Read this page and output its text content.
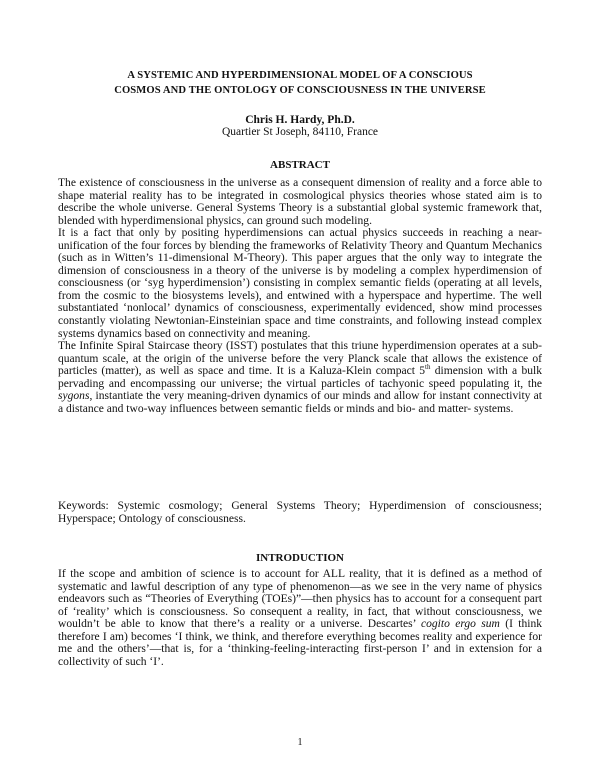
A SYSTEMIC AND HYPERDIMENSIONAL MODEL OF A CONSCIOUS
COSMOS AND THE ONTOLOGY OF CONSCIOUSNESS IN THE UNIVERSE
Chris H. Hardy, Ph.D.
Quartier St Joseph, 84110, France
ABSTRACT

The existence of consciousness in the universe as a consequent dimension of reality and a force able to shape material reality has to be integrated in cosmological physics theories whose stated aim is to describe the whole universe. General Systems Theory is a substantial global systemic framework that, blended with hyperdimensional physics, can ground such modeling.

It is a fact that only by positing hyperdimensions can actual physics succeeds in reaching a near-unification of the four forces by blending the frameworks of Relativity Theory and Quantum Mechanics (such as in Witten’s 11-dimensional M-Theory). This paper argues that the only way to integrate the dimension of consciousness in a theory of the universe is by modeling a complex hyperdimension of consciousness (or ‘syg hyperdimension’) consisting in complex semantic fields (operating at all levels, from the cosmic to the biosystems levels), and entwined with a hyperspace and hypertime. The well substantiated ‘nonlocal’ dynamics of consciousness, experimentally evidenced, show mind processes constantly violating Newtonian-Einsteinian space and time constraints, and following instead complex systems dynamics based on connectivity and meaning.

The Infinite Spiral Staircase theory (ISST) postulates that this triune hyperdimension operates at a sub-quantum scale, at the origin of the universe before the very Planck scale that allows the existence of particles (matter), as well as space and time. It is a Kaluza-Klein compact 5th dimension with a bulk pervading and encompassing our universe; the virtual particles of tachyonic speed populating it, the sygons, instantiate the very meaning-driven dynamics of our minds and allow for instant connectivity at a distance and two-way influences between semantic fields or minds and bio- and matter- systems.

Keywords: Systemic cosmology; General Systems Theory; Hyperdimension of consciousness; Hyperspace; Ontology of consciousness.
INTRODUCTION

If the scope and ambition of science is to account for ALL reality, that it is defined as a method of systematic and lawful description of any type of phenomenon—as we see in the very name of physics endeavors such as “Theories of Everything (TOEs)”—then physics has to account for a consequent part of ‘reality’ which is consciousness. So consequent a reality, in fact, that without consciousness, we wouldn’t be able to know that there’s a reality or a universe. Descartes’ cogito ergo sum (I think therefore I am) becomes ‘I think, we think, and therefore everything becomes reality and experience for me and the others’—that is, for a ‘thinking-feeling-interacting first-person I’ and in extension for a collectivity of such ‘I’.

1
